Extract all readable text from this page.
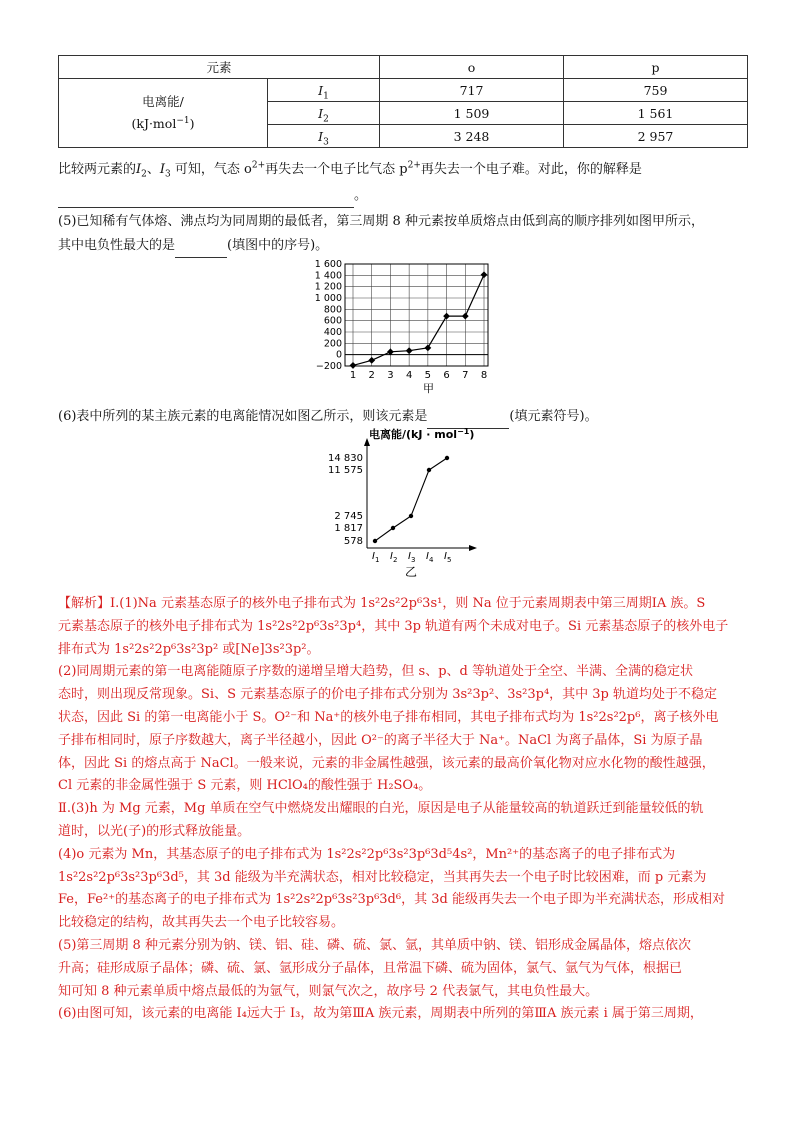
元素		o	p
电离能/
(kJ·mol$^{-1}$)	$I_1$	717	759
	$I_2$	1 509	1 561
	$I_3$	3 248	2 957
比较两元素的$I_2$、$I_3$ 可知，气态 $o^{2+}$再失去一个电子比气态 $p^{2+}$再失去一个电子难。对此，你的解释是
。
(5)已知稀有气体熔、沸点均为同周期的最低者，第三周期 8 种元素按单质熔点由低到高的顺序排列如图甲所示，
其中电负性最大的是	(填图中的序号)。
1 600
1 400
1 200
1 000
800
600
400
200
0
−200
1 2 3 4 5 6 7 8
甲
(6)表中所列的某主族元素的电离能情况如图乙所示，则该元素是	(填元素符号)。
电离能/(kJ · mol$^{-1}$)
14 830
11 575
2 745
1 817
578
$I_1$ $I_2$ $I_3$ $I_4$ $I_5$
乙
【解析】Ⅰ.(1)Na 元素基态原子的核外电子排布式为 1s²2s²2p⁶3s¹，则 Na 位于元素周期表中第三周期ⅠA 族。S
元素基态原子的核外电子排布式为 1s²2s²2p⁶3s²3p⁴，其中 3p 轨道有两个未成对电子。Si 元素基态原子的核外电子
排布式为 1s²2s²2p⁶3s²3p² 或[Ne]3s²3p²。
(2)同周期元素的第一电离能随原子序数的递增呈增大趋势，但 s、p、d 等轨道处于全空、半满、全满的稳定状
态时，则出现反常现象。Si、S 元素基态原子的价电子排布式分别为 3s²3p²、3s²3p⁴，其中 3p 轨道均处于不稳定
状态，因此 Si 的第一电离能小于 S。O²⁻和 Na⁺的核外电子排布相同，其电子排布式均为 1s²2s²2p⁶，离子核外电
子排布相同时，原子序数越大，离子半径越小，因此 O²⁻的离子半径大于 Na⁺。NaCl 为离子晶体，Si 为原子晶
体，因此 Si 的熔点高于 NaCl。一般来说，元素的非金属性越强，该元素的最高价氧化物对应水化物的酸性越强，
Cl 元素的非金属性强于 S 元素，则 HClO₄的酸性强于 H₂SO₄。
Ⅱ.(3)h 为 Mg 元素，Mg 单质在空气中燃烧发出耀眼的白光，原因是电子从能量较高的轨道跃迁到能量较低的轨
道时，以光(子)的形式释放能量。
(4)o 元素为 Mn，其基态原子的电子排布式为 1s²2s²2p⁶3s²3p⁶3d⁵4s²，Mn²⁺的基态离子的电子排布式为
1s²2s²2p⁶3s²3p⁶3d⁵，其 3d 能级为半充满状态，相对比较稳定，当其再失去一个电子时比较困难，而 p 元素为
Fe，Fe²⁺的基态离子的电子排布式为 1s²2s²2p⁶3s²3p⁶3d⁶，其 3d 能级再失去一个电子即为半充满状态，形成相对
比较稳定的结构，故其再失去一个电子比较容易。
(5)第三周期 8 种元素分别为钠、镁、铝、硅、磷、硫、氯、氩，其单质中钠、镁、铝形成金属晶体，熔点依次
升高；硅形成原子晶体；磷、硫、氯、氩形成分子晶体，且常温下磷、硫为固体，氯气、氩气为气体，根据已
知可知 8 种元素单质中熔点最低的为氩气，则氯气次之，故序号 2 代表氯气，其电负性最大。
(6)由图可知，该元素的电离能 I₄远大于 I₃，故为第ⅢA 族元素，周期表中所列的第ⅢA 族元素 i 属于第三周期，
